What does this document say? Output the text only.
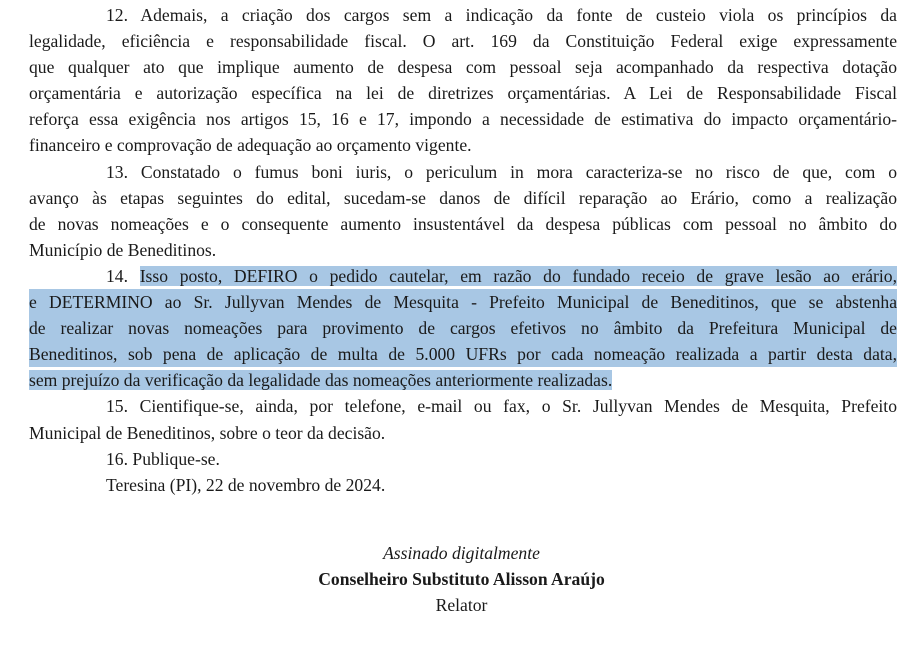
12. Ademais, a criação dos cargos sem a indicação da fonte de custeio viola os princípios da
legalidade, eficiência e responsabilidade fiscal. O art. 169 da Constituição Federal exige expressamente
que qualquer ato que implique aumento de despesa com pessoal seja acompanhado da respectiva dotação
orçamentária e autorização específica na lei de diretrizes orçamentárias. A Lei de Responsabilidade Fiscal
reforça essa exigência nos artigos 15, 16 e 17, impondo a necessidade de estimativa do impacto orçamentário-
financeiro e comprovação de adequação ao orçamento vigente.
13. Constatado o fumus boni iuris, o periculum in mora caracteriza-se no risco de que, com o
avanço às etapas seguintes do edital, sucedam-se danos de difícil reparação ao Erário, como a realização
de novas nomeações e o consequente aumento insustentável da despesa públicas com pessoal no âmbito do
Município de Beneditinos.
14. Isso posto, DEFIRO o pedido cautelar, em razão do fundado receio de grave lesão ao erário,
e DETERMINO ao Sr. Jullyvan Mendes de Mesquita - Prefeito Municipal de Beneditinos, que se abstenha
de realizar novas nomeações para provimento de cargos efetivos no âmbito da Prefeitura Municipal de
Beneditinos, sob pena de aplicação de multa de 5.000 UFRs por cada nomeação realizada a partir desta data,
sem prejuízo da verificação da legalidade das nomeações anteriormente realizadas.
15. Cientifique-se, ainda, por telefone, e-mail ou fax, o Sr. Jullyvan Mendes de Mesquita, Prefeito
Municipal de Beneditinos, sobre o teor da decisão.
16. Publique-se.
Teresina (PI), 22 de novembro de 2024.
Assinado digitalmente
Conselheiro Substituto Alisson Araújo
Relator
